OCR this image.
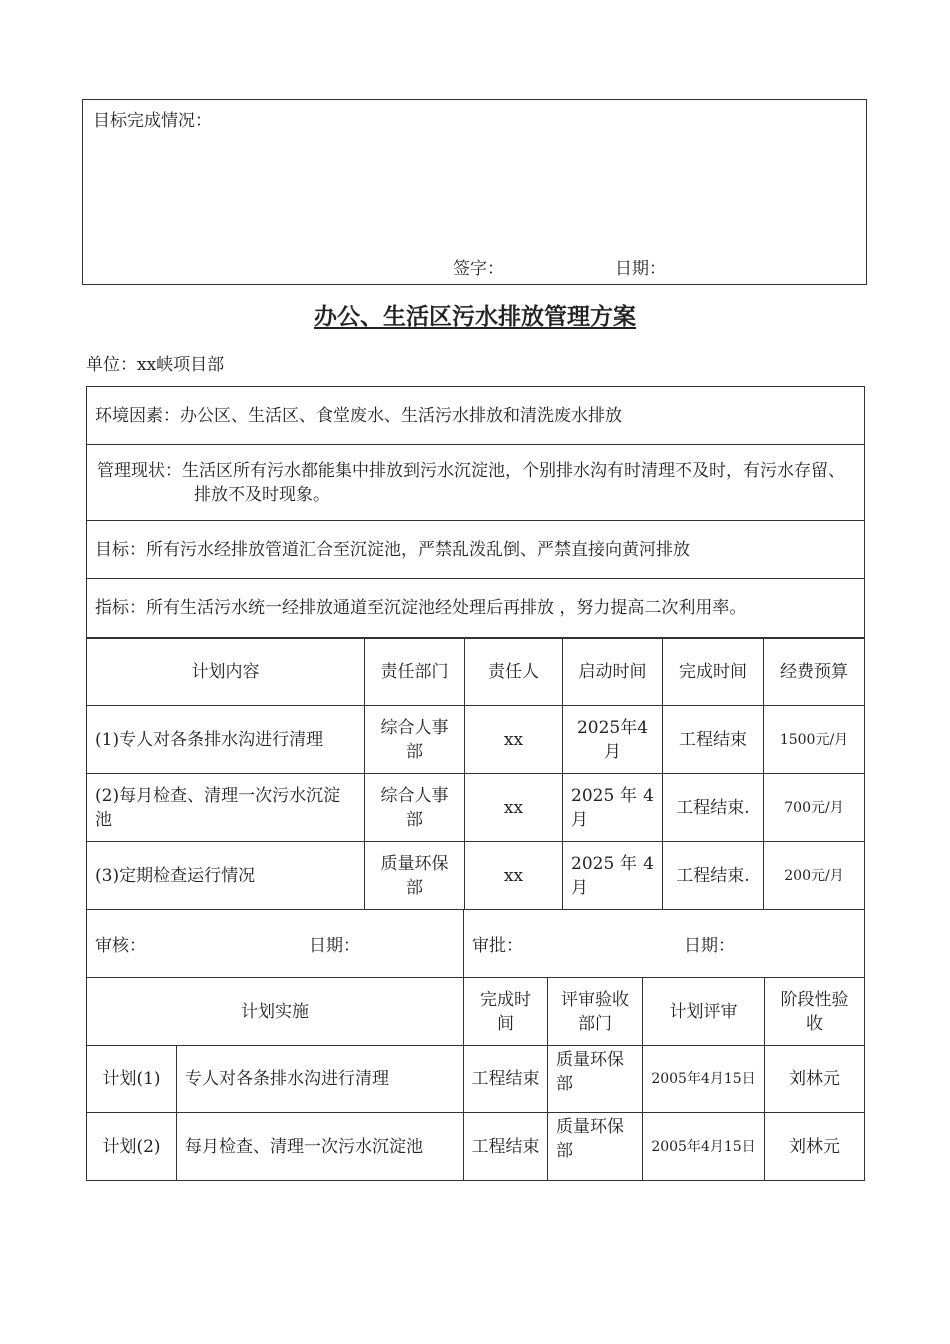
目标完成情况：
签字：	日期：
办公、生活区污水排放管理方案
单位：xx峡项目部
环境因素：办公区、生活区、食堂废水、生活污水排放和清洗废水排放
管理现状：生活区所有污水都能集中排放到污水沉淀池，个别排水沟有时清理不及时，有污水存留、排放不及时现象。
目标：所有污水经排放管道汇合至沉淀池，严禁乱泼乱倒、严禁直接向黄河排放
指标：所有生活污水统一经排放通道至沉淀池经处理后再排放 ，努力提高二次利用率。
计划内容	责任部门	责任人	启动时间	完成时间	经费预算
(1)专人对各条排水沟进行清理	综合人事部	xx	2025年4月	工程结束	1500元/月
(2)每月检查、清理一次污水沉淀池	综合人事部	xx	2025 年 4 月	工程结束.	700元/月
(3)定期检查运行情况	质量环保部	xx	2025 年 4 月	工程结束.	200元/月
审核：	日期：	审批：	日期：
计划实施		完成时间	评审验收部门	计划评审	阶段性验 收
计划(1)	专人对各条排水沟进行清理	工程结束	质量环保部	2005年4月15日	刘林元
计划(2)	每月检查、清理一次污水沉淀池	工程结束	质量环保部	2005年4月15日	刘林元
